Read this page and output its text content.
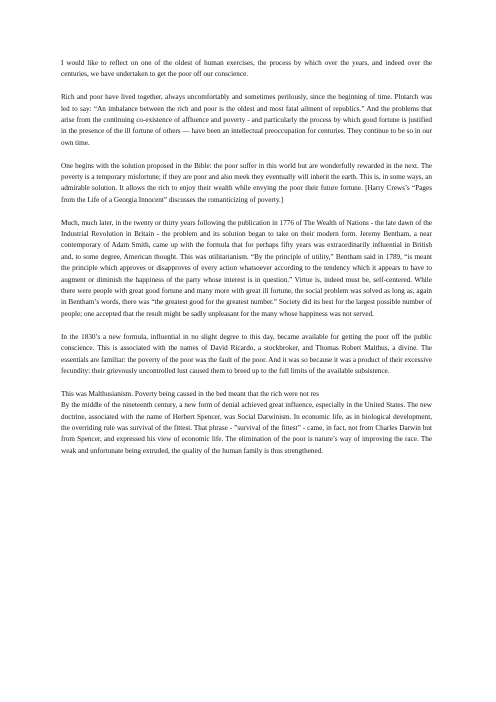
I would like to reflect on one of the oldest of human exercises, the process by which over the years, and indeed over the centuries, we have undertaken to get the poor off our conscience.

Rich and poor have lived together, always uncomfortably and sometimes perilously, since the beginning of time. Plutarch was led to say: “An imbalance between the rich and poor is the oldest and most fatal ailment of republics.” And the problems that arise from the continuing co-existence of affluence and poverty - and particularly the process by which good fortune is justified in the presence of the ill fortune of others — have been an intellectual preoccupation for centuries. They continue to be so in our own time.

One begins with the solution proposed in the Bible: the poor suffer in this world but are wonderfully rewarded in the next. The poverty is a temporary misfortune; if they are poor and also meek they eventually will inherit the earth. This is, in some ways, an admirable solution. It allows the rich to enjoy their wealth while envying the poor their future fortune. [Harry Crews’s “Pages from the Life of a Georgia Innocent” discusses the romanticizing of poverty.]

Much, much later, in the twenty or thirty years following the publication in 1776 of The Wealth of Nations - the late dawn of the Industrial Revolution in Britain - the problem and its solution began to take on their modern form. Jeremy Bentham, a near contemporary of Adam Smith, came up with the formula that for perhaps fifty years was extraordinarily influential in British and, to some degree, American thought. This was utilitarianism. “By the principle of utility,” Bentham said in 1789, “is meant the principle which approves or disapproves of every action whatsoever according to the tendency which it appears to have to augment or diminish the happiness of the party whose interest is in question.” Virtue is, indeed must be, self-centered. While there were people with great good fortune and many more with great ill fortune, the social problem was solved as long as, again in Bentham’s words, there was “the greatest good for the greatest number.” Society did its best for the largest possible number of people; one accepted that the result might be sadly unpleasant for the many whose happiness was not served.

In the 1830’s a new formula, influential in no slight degree to this day, became available for getting the poor off the public conscience. This is associated with the names of David Ricardo, a stockbroker, and Thomas Robert Malthus, a divine. The essentials are familiar: the poverty of the poor was the fault of the poor. And it was so because it was a product of their excessive fecundity: their grievously uncontrolled lust caused them to breed up to the full limits of the available subsistence.

This was Malthusianism. Poverty being caused in the bed meant that the rich were not res

By the middle of the nineteenth century, a new form of denial achieved great influence, especially in the United States. The new doctrine, associated with the name of Herbert Spencer, was Social Darwinism. In economic life, as in biological development, the overriding rule was survival of the fittest. That phrase - ”survival of the fittest” - came, in fact, not from Charles Darwin but from Spencer, and expressed his view of economic life. The elimination of the poor is nature’s way of improving the race. The weak and unfortunate being extruded, the quality of the human family is thus strengthened.
